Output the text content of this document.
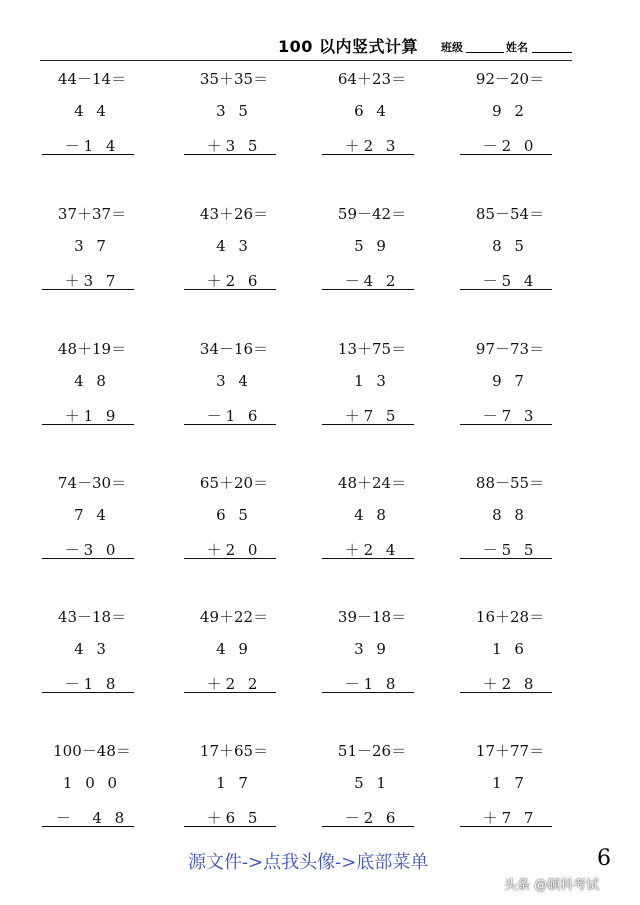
100 以内竖式计算 班级	姓名
44－14＝
4 4
－1 4
35＋35＝
3 5
＋3 5
64＋23＝
6 4
＋2 3
92－20＝
9 2
－2 0
37＋37＝
3 7
＋3 7
43＋26＝
4 3
＋2 6
59－42＝
5 9
－4 2
85－54＝
8 5
－5 4
48＋19＝
4 8
＋1 9
34－16＝
3 4
－1 6
13＋75＝
1 3
＋7 5
97－73＝
9 7
－7 3
74－30＝
7 4
－3 0
65＋20＝
6 5
＋2 0
48＋24＝
4 8
＋2 4
88－55＝
8 8
－5 5
43－18＝
4 3
－1 8
49＋22＝
4 9
＋2 2
39－18＝
3 9
－1 8
16＋28＝
1 6
＋2 8
100－48＝
1 0 0
－  4 8
17＋65＝
1 7
＋6 5
51－26＝
5 1
－2 6
17＋77＝
1 7
＋7 7
源文件->点我头像->底部菜单	6
头条 @硕科考试
